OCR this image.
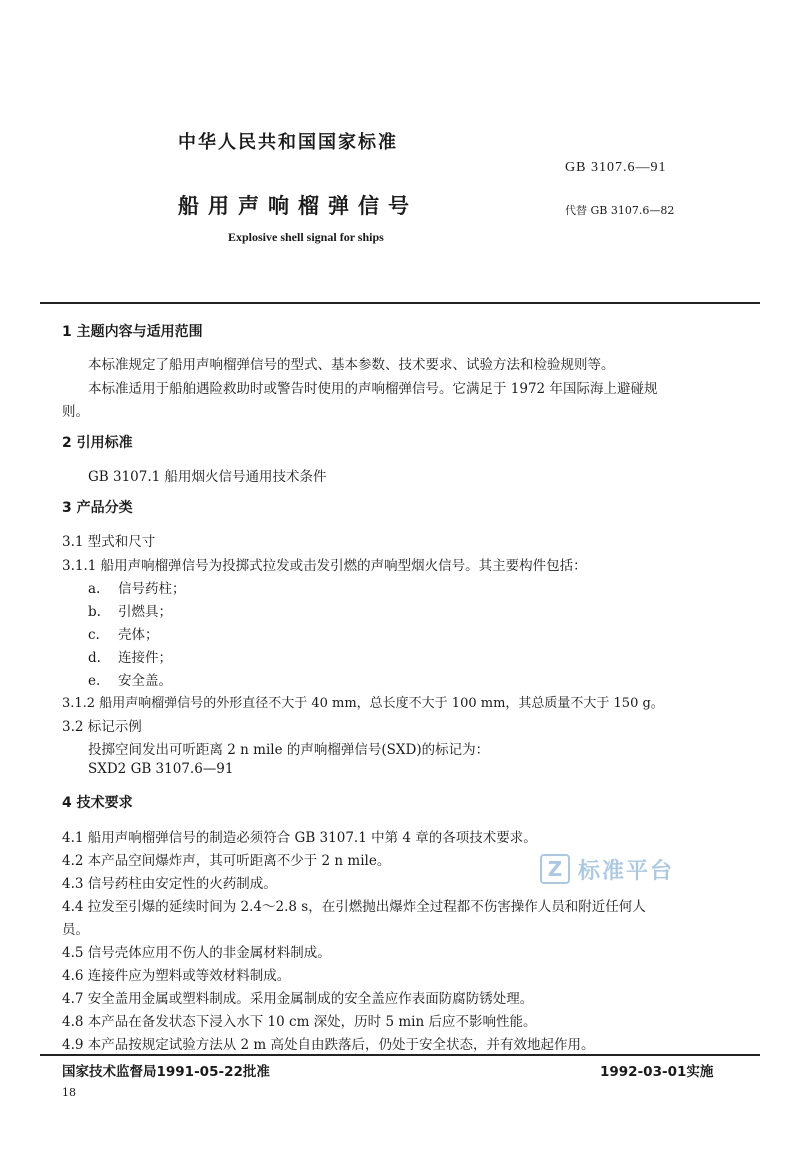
中华人民共和国国家标准
GB 3107.6—91
船用声响榴弹信号	代替 GB 3107.6—82
Explosive shell signal for ships
1 主题内容与适用范围
本标准规定了船用声响榴弹信号的型式、基本参数、技术要求、试验方法和检验规则等。
本标准适用于船舶遇险救助时或警告时使用的声响榴弹信号。它满足于 1972 年国际海上避碰规
则。
2 引用标准
GB 3107.1 船用烟火信号通用技术条件
3 产品分类
3.1 型式和尺寸
3.1.1 船用声响榴弹信号为投掷式拉发或击发引燃的声响型烟火信号。其主要构件包括：
a. 信号药柱；
b. 引燃具；
c. 壳体；
d. 连接件；
e. 安全盖。
3.1.2 船用声响榴弹信号的外形直径不大于 40 mm，总长度不大于 100 mm，其总质量不大于 150 g。
3.2 标记示例
投掷空间发出可听距离 2 n mile 的声响榴弹信号(SXD)的标记为：
SXD2 GB 3107.6—91
4 技术要求
4.1 船用声响榴弹信号的制造必须符合 GB 3107.1 中第 4 章的各项技术要求。
4.2 本产品空间爆炸声，其可听距离不少于 2 n mile。
4.3 信号药柱由安定性的火药制成。
4.4 拉发至引爆的延续时间为 2.4～2.8 s，在引燃抛出爆炸全过程都不伤害操作人员和附近任何人
员。
4.5 信号壳体应用不伤人的非金属材料制成。
4.6 连接件应为塑料或等效材料制成。
4.7 安全盖用金属或塑料制成。采用金属制成的安全盖应作表面防腐防锈处理。
4.8 本产品在备发状态下浸入水下 10 cm 深处，历时 5 min 后应不影响性能。
4.9 本产品按规定试验方法从 2 m 高处自由跌落后，仍处于安全状态，并有效地起作用。
Z 标准平台
国家技术监督局1991-05-22批准	1992-03-01实施
18
